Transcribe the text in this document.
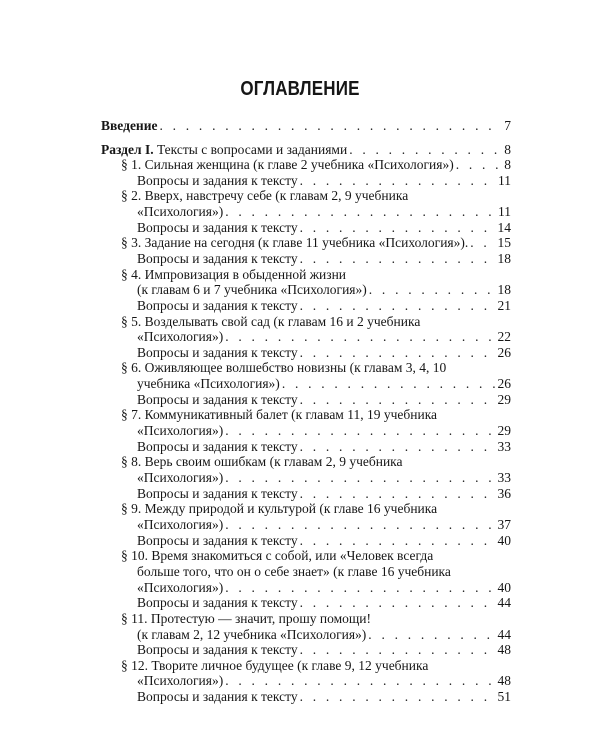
ОГЛАВЛЕНИЕ
Введение . . .	7
Раздел I. Тексты с вопросами и заданиями . . .	8
§ 1. Сильная женщина (к главе 2 учебника «Психология») . . .	8
Вопросы и задания к тексту . . .	11
§ 2. Вверх, навстречу себе (к главам 2, 9 учебника
«Психология») . . .	11
Вопросы и задания к тексту . . .	14
§ 3. Задание на сегодня (к главе 11 учебника «Психология»). . . . 15
Вопросы и задания к тексту . . .	18
§ 4. Импровизация в обыденной жизни
(к главам 6 и 7 учебника «Психология») . . .	18
Вопросы и задания к тексту . . .	21
§ 5. Возделывать свой сад (к главам 16 и 2 учебника
«Психология») . . .	22
Вопросы и задания к тексту . . .	26
§ 6. Оживляющее волшебство новизны (к главам 3, 4, 10
учебника «Психология») . . .	26
Вопросы и задания к тексту . . .	29
§ 7. Коммуникативный балет (к главам 11, 19 учебника
«Психология») . . .	29
Вопросы и задания к тексту . . .	33
§ 8. Верь своим ошибкам (к главам 2, 9 учебника
«Психология») . . .	33
Вопросы и задания к тексту . . .	36
§ 9. Между природой и культурой (к главе 16 учебника
«Психология») . . .	37
Вопросы и задания к тексту . . .	40
§ 10. Время знакомиться с собой, или «Человек всегда
больше того, что он о себе знает» (к главе 16 учебника
«Психология») . . .	40
Вопросы и задания к тексту . . .	44
§ 11. Протестую — значит, прошу помощи!
(к главам 2, 12 учебника «Психология») . . .	44
Вопросы и задания к тексту . . .	48
§ 12. Творите личное будущее (к главе 9, 12 учебника
«Психология») . . .	48
Вопросы и задания к тексту . . .	51
